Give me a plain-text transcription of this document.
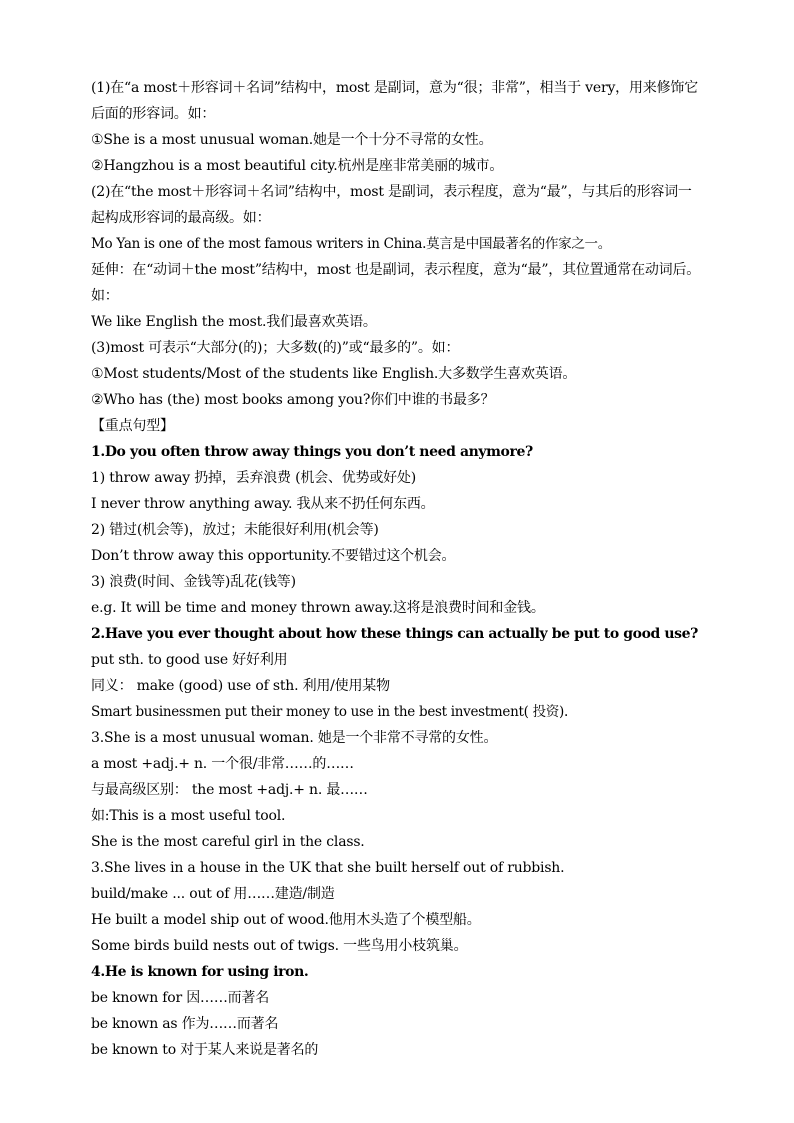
(1)在“a most＋形容词＋名词”结构中，most 是副词，意为“很；非常”，相当于 very，用来修饰它后面的形容词。如：
①She is a most unusual woman.她是一个十分不寻常的女性。
②Hangzhou is a most beautiful city.杭州是座非常美丽的城市。
(2)在“the most＋形容词＋名词”结构中，most 是副词，表示程度，意为“最”，与其后的形容词一起构成形容词的最高级。如：
Mo Yan is one of the most famous writers in China.莫言是中国最著名的作家之一。
延伸：在“动词＋the most”结构中，most 也是副词，表示程度，意为“最”，其位置通常在动词后。如：
We like English the most.我们最喜欢英语。
(3)most 可表示“大部分(的)；大多数(的)”或“最多的”。如：
①Most students/Most of the students like English.大多数学生喜欢英语。
②Who has (the) most books among you?你们中谁的书最多？
【重点句型】
1.Do you often throw away things you don’t need anymore?
1) throw away 扔掉，丢弃浪费 (机会、优势或好处)
I never throw anything away. 我从来不扔任何东西。
2) 错过(机会等)，放过；未能很好利用(机会等)
Don’t throw away this opportunity.不要错过这个机会。
3) 浪费(时间、金钱等)乱花(钱等)
e.g. It will be time and money thrown away.这将是浪费时间和金钱。
2.Have you ever thought about how these things can actually be put to good use?
put sth. to good use 好好利用
同义： make (good) use of sth. 利用/使用某物
Smart businessmen put their money to use in the best investment( 投资).
3.She is a most unusual woman. 她是一个非常不寻常的女性。
a most +adj.+ n. 一个很/非常……的……
与最高级区别： the most +adj.+ n. 最……
如:This is a most useful tool.
She is the most careful girl in the class.
3.She lives in a house in the UK that she built herself out of rubbish.
build/make ... out of 用……建造/制造
He built a model ship out of wood.他用木头造了个模型船。
Some birds build nests out of twigs. 一些鸟用小枝筑巢。
4.He is known for using iron.
be known for 因……而著名
be known as 作为……而著名
be known to 对于某人来说是著名的
